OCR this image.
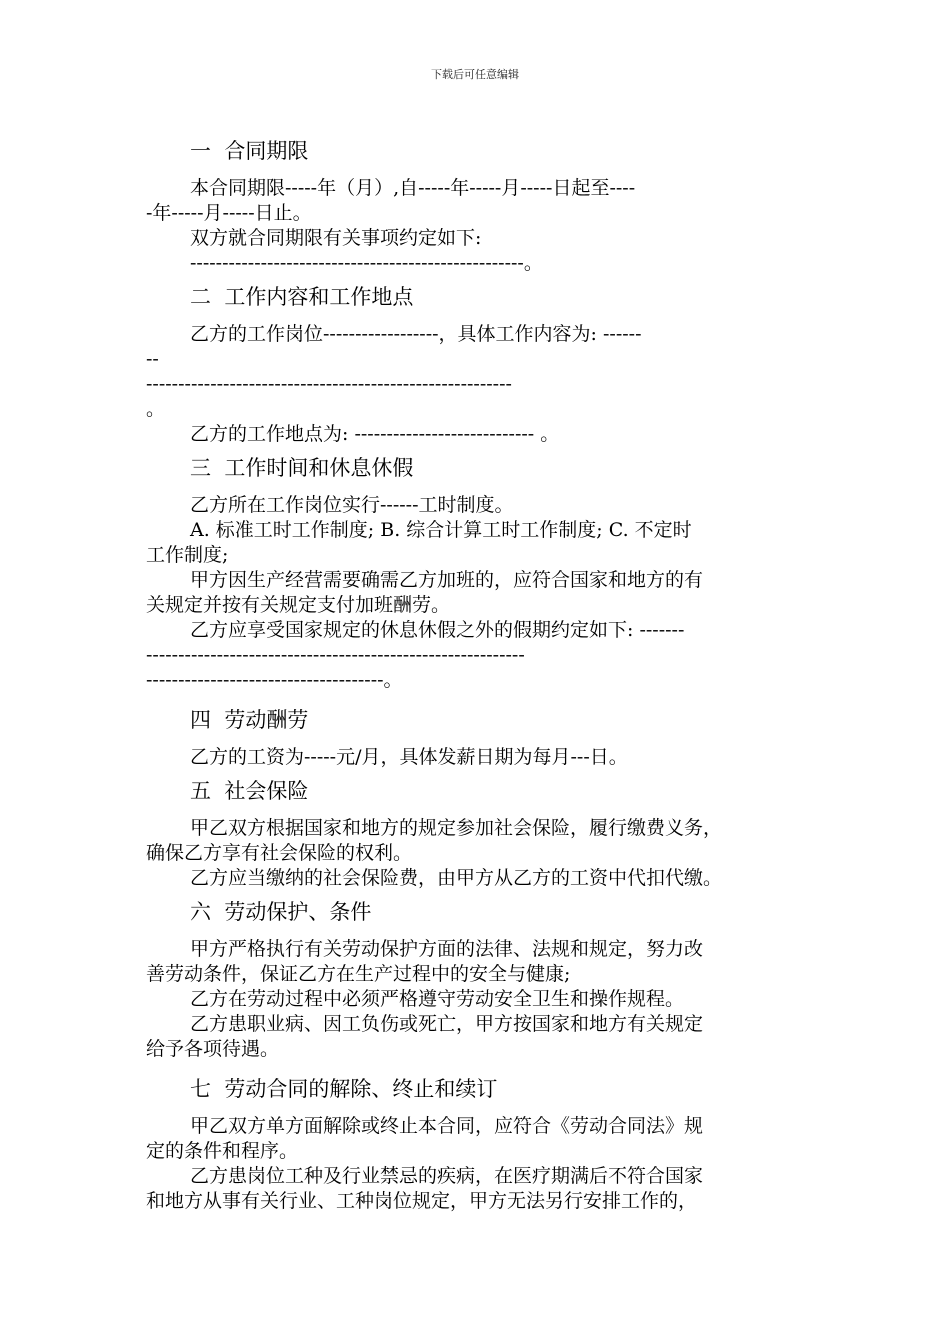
下载后可任意编辑
一  合同期限
本合同期限-----年（月）,自-----年-----月-----日起至----
-年-----月-----日止。
双方就合同期限有关事项约定如下:
----------------------------------------------------。
二  工作内容和工作地点
乙方的工作岗位------------------，具体工作内容为: ------
--
---------------------------------------------------------
。
乙方的工作地点为: ---------------------------- 。
三  工作时间和休息休假
乙方所在工作岗位实行------工时制度。
A. 标准工时工作制度; B. 综合计算工时工作制度; C. 不定时
工作制度;
甲方因生产经营需要确需乙方加班的，应符合国家和地方的有
关规定并按有关规定支付加班酬劳。
乙方应享受国家规定的休息休假之外的假期约定如下: -------
-----------------------------------------------------------
-------------------------------------。
四  劳动酬劳
乙方的工资为-----元/月，具体发薪日期为每月---日。
五  社会保险
甲乙双方根据国家和地方的规定参加社会保险，履行缴费义务，
确保乙方享有社会保险的权利。
乙方应当缴纳的社会保险费，由甲方从乙方的工资中代扣代缴。
六  劳动保护、条件
甲方严格执行有关劳动保护方面的法律、法规和规定，努力改
善劳动条件，保证乙方在生产过程中的安全与健康;
乙方在劳动过程中必须严格遵守劳动安全卫生和操作规程。
乙方患职业病、因工负伤或死亡，甲方按国家和地方有关规定
给予各项待遇。
七  劳动合同的解除、终止和续订
甲乙双方单方面解除或终止本合同，应符合《劳动合同法》规
定的条件和程序。
乙方患岗位工种及行业禁忌的疾病，在医疗期满后不符合国家
和地方从事有关行业、工种岗位规定，甲方无法另行安排工作的，
